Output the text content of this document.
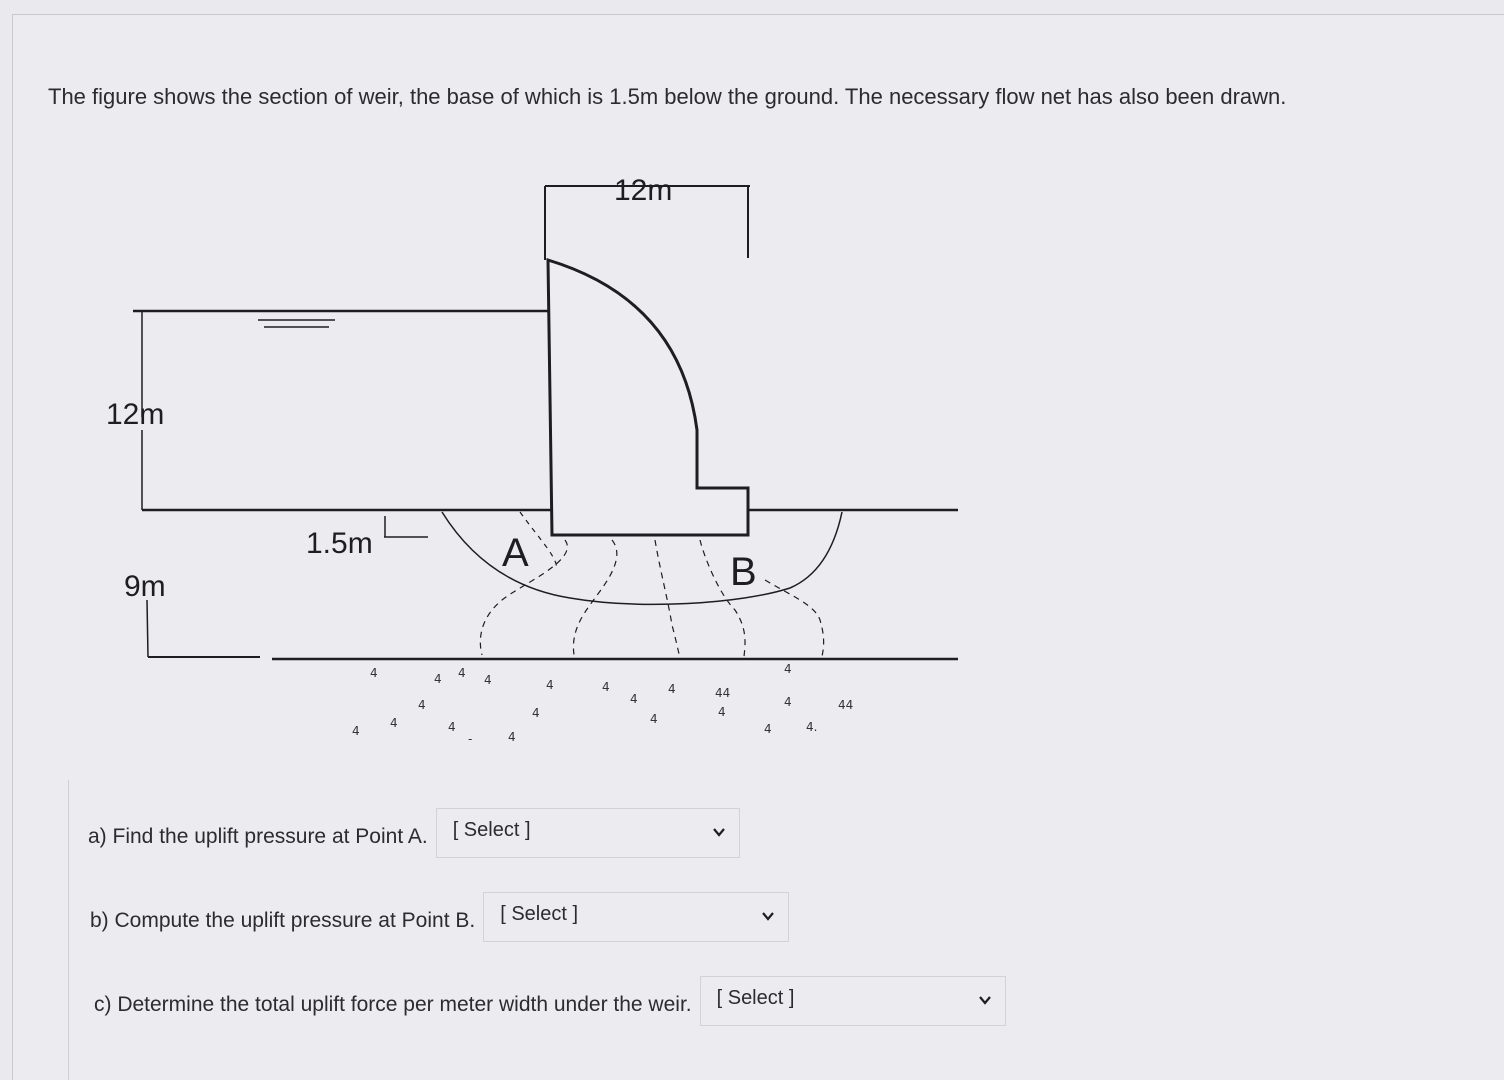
The figure shows the section of weir, the base of which is 1.5m below the ground. The necessary flow net has also been drawn.
4	4 4 4	4	4
4
4	44
4
4
4
4.
44
4
4
4
4
4	4
4
4
-
12m
12m
9m
1.5m	A	B
a) Find the uplift pressure at Point A. [ Select ]
b) Compute the uplift pressure at Point B. [ Select ]
c) Determine the total uplift force per meter width under the weir. [ Select ]
